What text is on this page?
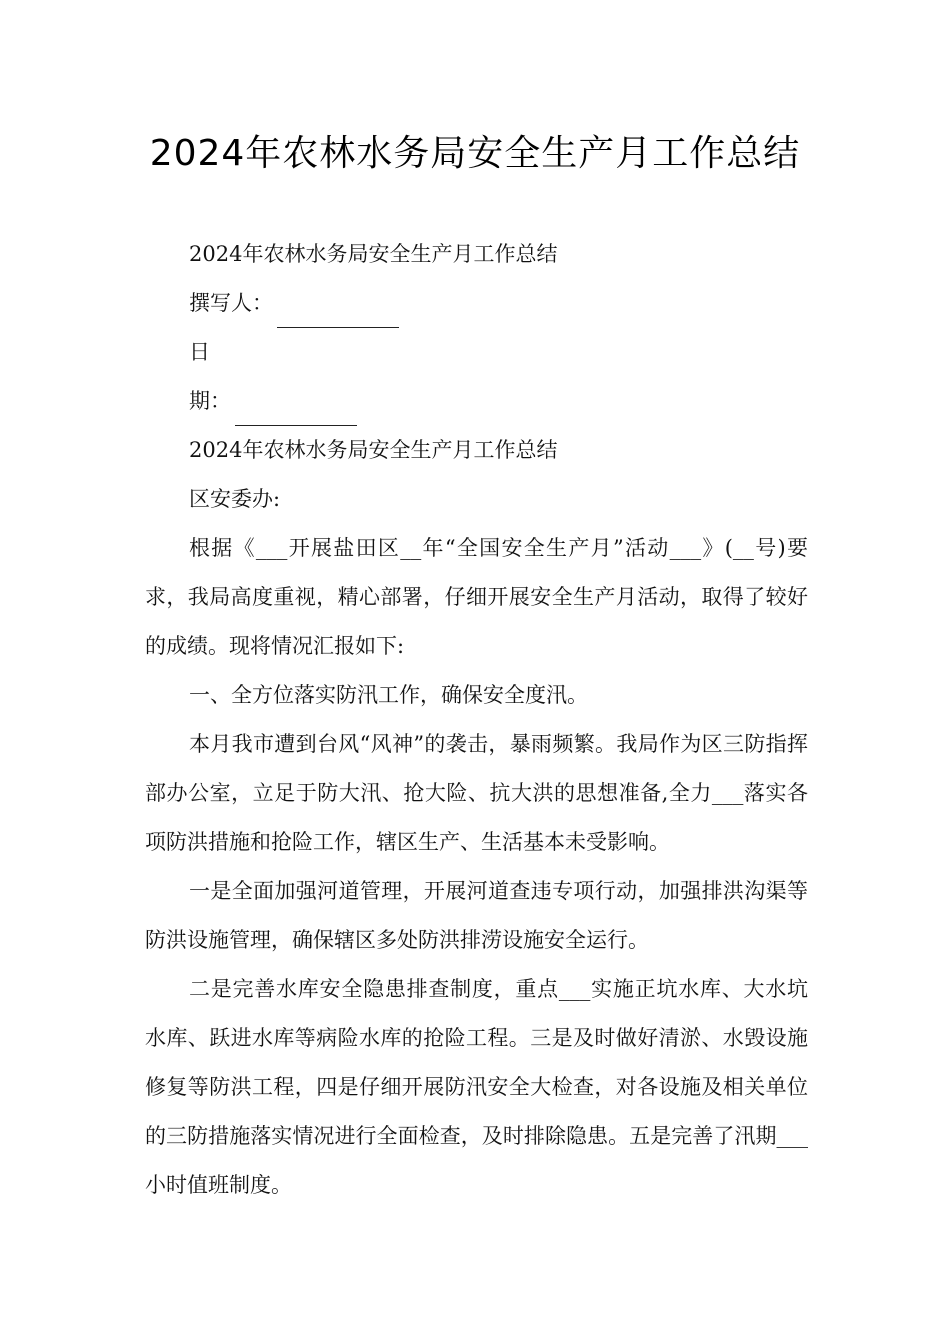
2024年农林水务局安全生产月工作总结

2024年农林水务局安全生产月工作总结

撰写人：

日

期：

2024年农林水务局安全生产月工作总结

区安委办:

根据《___开展盐田区__年“全国安全生产月”活动___》(__号)要求，我局高度重视，精心部署，仔细开展安全生产月活动，取得了较好的成绩。现将情况汇报如下:

一、全方位落实防汛工作，确保安全度汛。

本月我市遭到台风“风神”的袭击，暴雨频繁。我局作为区三防指挥部办公室，立足于防大汛、抢大险、抗大洪的思想准备,全力___落实各项防洪措施和抢险工作，辖区生产、生活基本未受影响。

一是全面加强河道管理，开展河道查违专项行动，加强排洪沟渠等防洪设施管理，确保辖区多处防洪排涝设施安全运行。

二是完善水库安全隐患排查制度，重点___实施正坑水库、大水坑水库、跃进水库等病险水库的抢险工程。三是及时做好清淤、水毁设施修复等防洪工程，四是仔细开展防汛安全大检查，对各设施及相关单位的三防措施落实情况进行全面检查，及时排除隐患。五是完善了汛期___小时值班制度。
